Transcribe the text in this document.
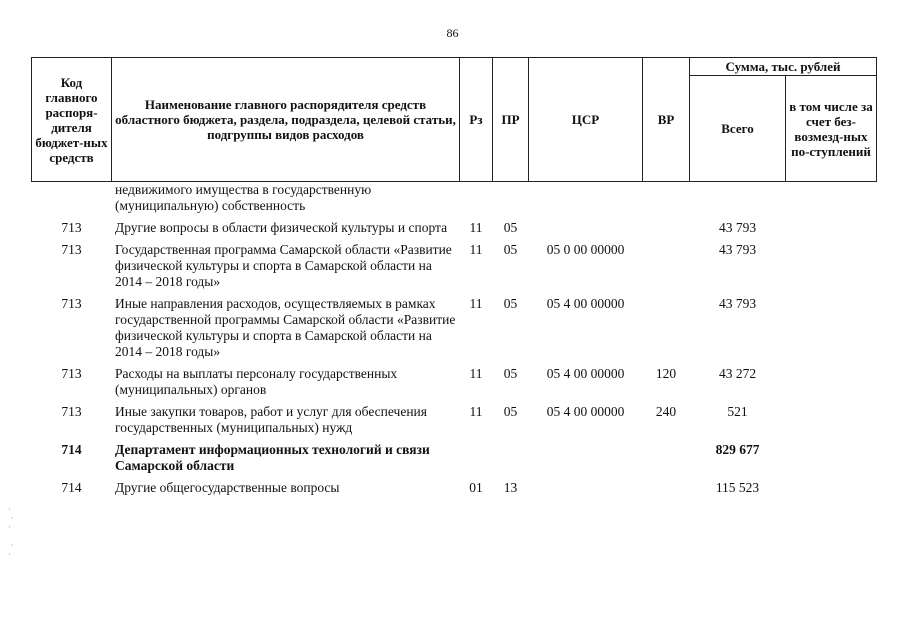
86
Код главного распоря-дителя бюджет-ных средств	Наименование главного распорядителя средств областного бюджета, раздела, подраздела, целевой статьи, подгруппы видов расходов	Рз	ПР	ЦСР	ВР	Сумма, тыс. рублей	
						Всего	в том числе за счет без-возмезд-ных по-ступлений
	недвижимого имущества в государственную (муниципальную) собственность						
713	Другие вопросы в области физической культуры и спорта	11	05			43 793	
713	Государственная программа Самарской области «Развитие физической культуры и спорта в Самарской области на 2014 – 2018 годы»	11	05	05 0 00 00000		43 793	
713	Иные направления расходов, осуществляемых в рамках государственной программы Самарской области «Развитие физической культуры и спорта в Самарской области на 2014 – 2018 годы»	11	05	05 4 00 00000		43 793	
713	Расходы на выплаты персоналу государственных (муниципальных) органов	11	05	05 4 00 00000	120	43 272	
713	Иные закупки товаров, работ и услуг для обеспечения государственных (муниципальных) нужд	11	05	05 4 00 00000	240	521	
714	Департамент информационных технологий и связи Самарской области					829 677	
714	Другие общегосударственные вопросы	01	13			115 523	
·
·
·

·
·
